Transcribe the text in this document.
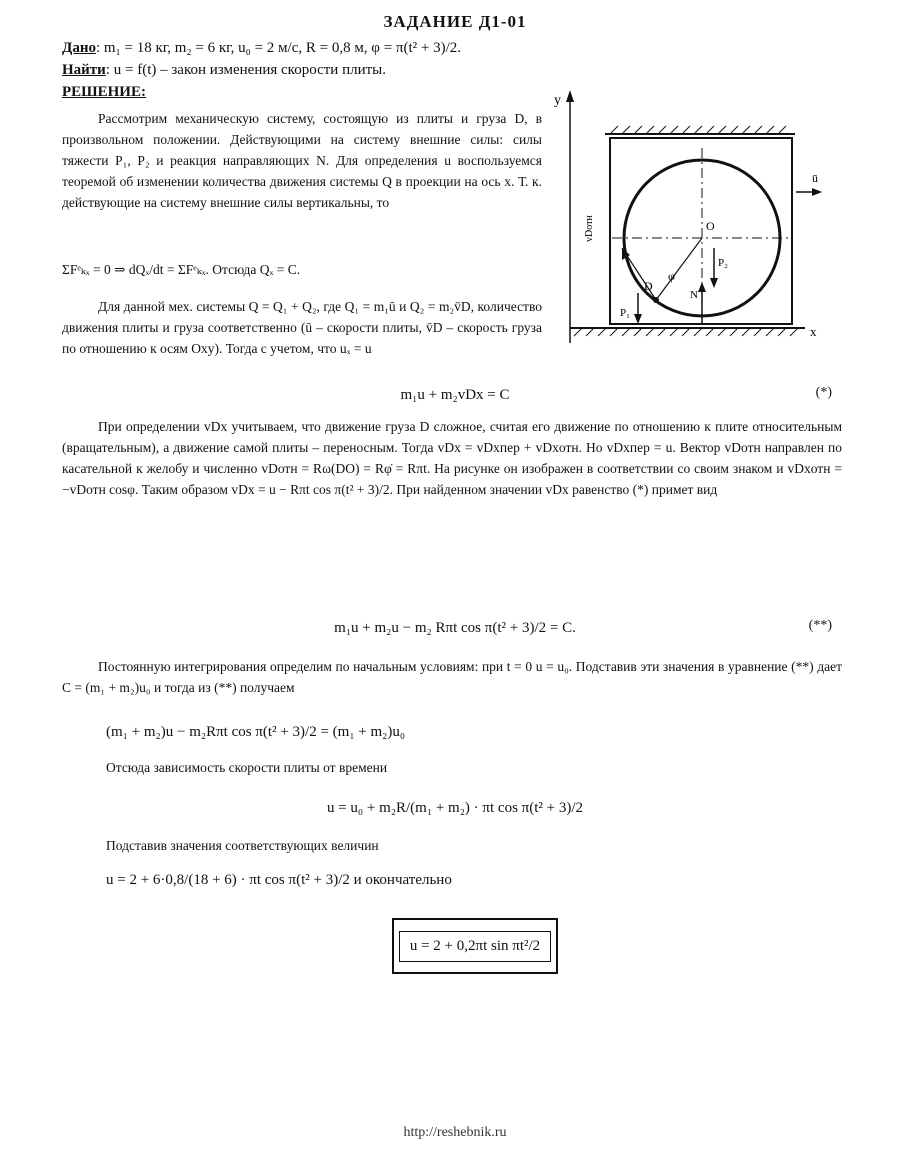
ЗАДАНИЕ Д1-01
Дано: m₁ = 18 кг, m₂ = 6 кг, u₀ = 2 м/с, R = 0,8 м, φ = π(t² + 3)/2.
Найти: u = f(t) – закон изменения скорости плиты.
РЕШЕНИЕ:
Рассмотрим механическую систему, состоящую из плиты и груза D, в произвольном положении. Действующими на систему внешние силы: силы тяжести P₁, P₂ и реакция направляющих N. Для определения u воспользуемся теоремой об изменении количества движения системы Q в проекции на ось x. Т. к. действующие на систему внешние силы вертикальны, то
ΣFᵉₖₓ = 0 ⇒ dQₓ/dt = ΣFᵉₖₓ. Отсюда Qₓ = C.
Для данной мех. системы Q = Q₁ + Q₂, где Q₁ = m₁ū и Q₂ = m₂v̄D, количество движения плиты и груза соответственно (ū – скорости плиты, v̄D – скорость груза по отношению к осям Oxy). Тогда с учетом, что uₓ = u
y
x
O
φ
D
vDотн
P₁
P₂
N
ū
m₁u + m₂vDx = C	(*)
При определении vDx учитываем, что движение груза D сложное, считая его движение по отношению к плите относительным (вращательным), а движение самой плиты – переносным. Тогда vDx = vDxпер + vDxотн. Но vDxпер = u. Вектор vDотн направлен по касательной к желобу и численно vDотн = Rω(DO) = Rφ̇ = Rπt. На рисунке он изображен в соответствии со своим знаком и vDxотн = −vDотн cosφ. Таким образом vDx = u − Rπt cos π(t² + 3)/2. При найденном значении vDx равенство (*) примет вид
m₁u + m₂u − m₂ Rπt cos π(t² + 3)/2 = C.	(**)
Постоянную интегрирования определим по начальным условиям: при t = 0 u = u₀. Подставив эти значения в уравнение (**) дает C = (m₁ + m₂)u₀ и тогда из (**) получаем
(m₁ + m₂)u − m₂Rπt cos π(t² + 3)/2 = (m₁ + m₂)u₀
Отсюда зависимость скорости плиты от времени
u = u₀ + m₂R/(m₁ + m₂) · πt cos π(t² + 3)/2
Подставив значения соответствующих величин
u = 2 + 6·0,8/(18 + 6) · πt cos π(t² + 3)/2 и окончательно
u = 2 + 0,2πt sin πt²/2
http://reshebnik.ru
